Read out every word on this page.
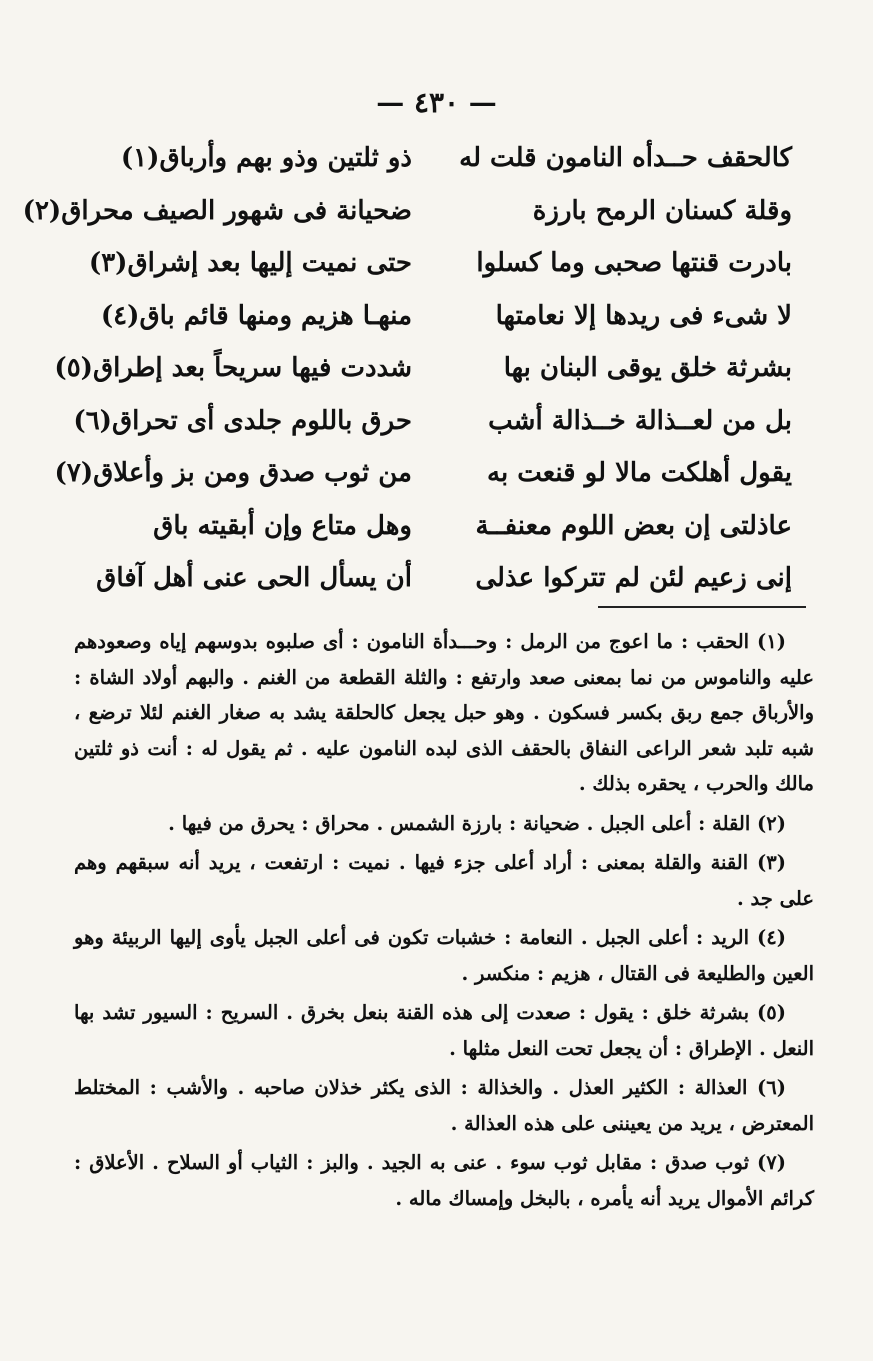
— ٤٣٠ —
كالحقف حــدأه النامون قلت له
ذو ثلتين وذو بهم وأرباق(١)
وقلة كسنان الرمح بارزة
ضحيانة فى شهور الصيف محراق(٢)
بادرت قنتها صحبى وما كسلوا
حتى نميت إليها بعد إشراق(٣)
لا شىء فى ريدها إلا نعامتها
منهـا هزيم ومنها قائم باق(٤)
بشرثة خلق يوقى البنان بها
شددت فيها سريحاً بعد إطراق(٥)
بل من لعــذالة خــذالة أشب
حرق باللوم جلدى أى تحراق(٦)
يقول أهلكت مالا لو قنعت به
من ثوب صدق ومن بز وأعلاق(٧)
عاذلتى إن بعض اللوم معنفــة
وهل متاع وإن أبقيته باق
إنى زعيم لئن لم تتركوا عذلى
أن يسأل الحى عنى أهل آفاق

(١) الحقب : ما اعوج من الرمل : وحـــدأة النامون : أى صلبوه بدوسهم إياه وصعودهم عليه والناموس من نما بمعنى صعد وارتفع : والثلة القطعة من الغنم . والبهم أولاد الشاة : والأرباق جمع ربق بكسر فسكون . وهو حبل يجعل كالحلقة يشد به صغار الغنم لئلا ترضع ، شبه تلبد شعر الراعى النفاق بالحقف الذى لبده النامون عليه . ثم يقول له : أنت ذو ثلتين مالك والحرب ، يحقره بذلك .

(٢) القلة : أعلى الجبل . ضحيانة : بارزة الشمس . محراق : يحرق من فيها .

(٣) القنة والقلة بمعنى : أراد أعلى جزء فيها . نميت : ارتفعت ، يريد أنه سبقهم وهم على جد .

(٤) الريد : أعلى الجبل . النعامة : خشبات تكون فى أعلى الجبل يأوى إليها الربيئة وهو العين والطليعة فى القتال ، هزيم : منكسر .

(٥) بشرثة خلق : يقول : صعدت إلى هذه القنة بنعل بخرق . السريح : السيور تشد بها النعل . الإطراق : أن يجعل تحت النعل مثلها .

(٦) العذالة : الكثير العذل . والخذالة : الذى يكثر خذلان صاحبه . والأشب : المختلط المعترض ، يريد من يعيننى على هذه العذالة .

(٧) ثوب صدق : مقابل ثوب سوء . عنى به الجيد . والبز : الثياب أو السلاح . الأعلاق : كرائم الأموال يريد أنه يأمره ، بالبخل وإمساك ماله .
